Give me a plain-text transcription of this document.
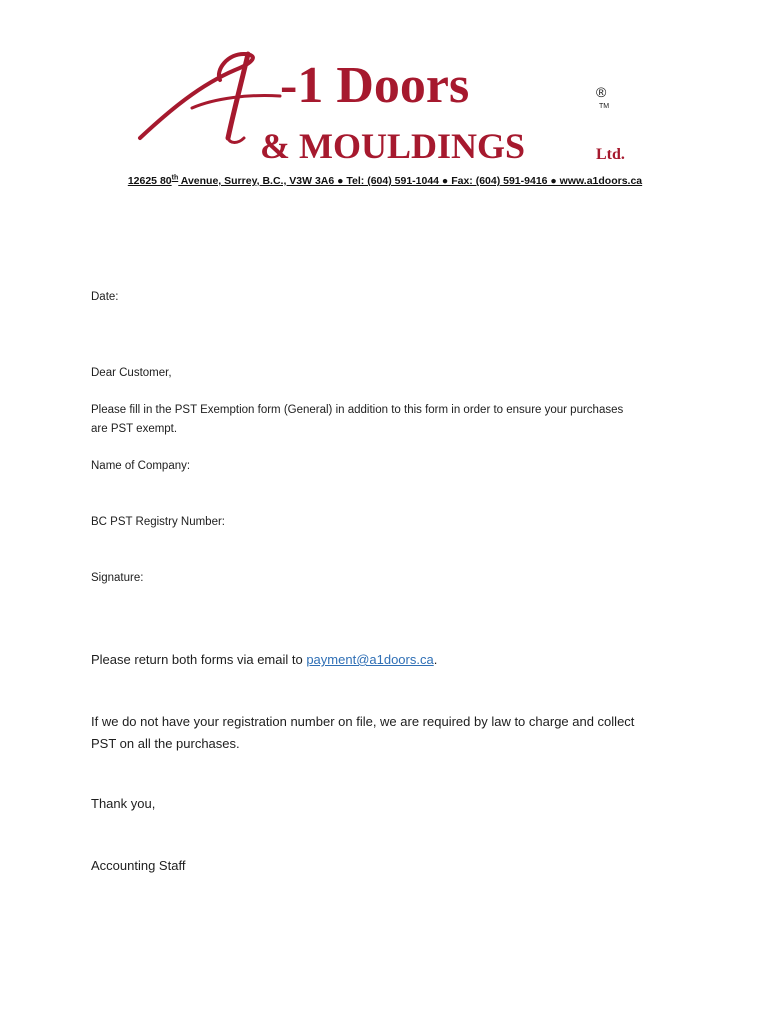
-1 Doors	®
TM
& MOULDINGS	Ltd.
12625 80th Avenue, Surrey, B.C., V3W 3A6 ● Tel: (604) 591-1044 ● Fax: (604) 591-9416 ● www.a1doors.ca
Date:
Dear Customer,
Please fill in the PST Exemption form (General) in addition to this form in order to ensure your purchases
are PST exempt.
Name of Company:
BC PST Registry Number:
Signature:
Please return both forms via email to payment@a1doors.ca.
If we do not have your registration number on file, we are required by law to charge and collect
PST on all the purchases.
Thank you,
Accounting Staff
